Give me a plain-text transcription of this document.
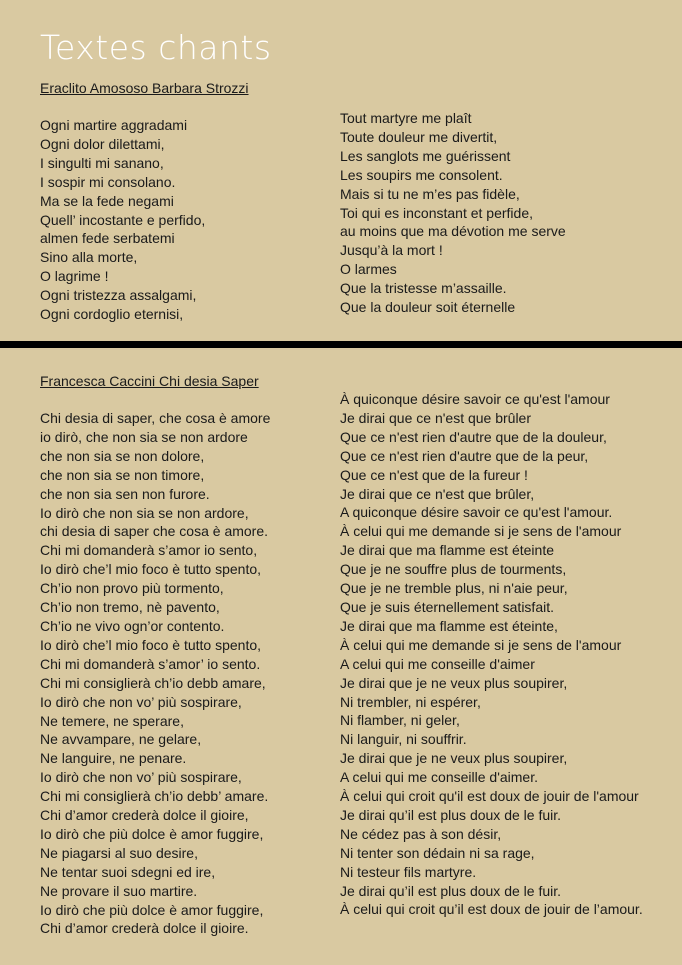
Textes chants

Eraclito Amososo Barbara Strozzi

Ogni martire aggradami
Ogni dolor dilettami,
I singulti mi sanano,
I sospir mi consolano.
Ma se la fede negami
Quell’ incostante e perfido,
almen fede serbatemi
Sino alla morte,
O lagrime !
Ogni tristezza assalgami,
Ogni cordoglio eternisi,
Tout martyre me plaît
Toute douleur me divertit,
Les sanglots me guérissent
Les soupirs me consolent.
Mais si tu ne m’es pas fidèle,
Toi qui es inconstant et perfide,
au moins que ma dévotion me serve
Jusqu’à la mort !
O larmes
Que la tristesse m’assaille.
Que la douleur soit éternelle

Francesca Caccini Chi desia Saper

Chi desia di saper, che cosa è amore
io dirò, che non sia se non ardore
che non sia se non dolore,
che non sia se non timore,
che non sia sen non furore.
Io dirò che non sia se non ardore,
chi desia di saper che cosa è amore.
Chi mi domanderà s’amor io sento,
Io dirò che’l mio foco è tutto spento,
Ch’io non provo più tormento,
Ch’io non tremo, nè pavento,
Ch’io ne vivo ogn’or contento.
Io dirò che’l mio foco è tutto spento,
Chi mi domanderà s’amor’ io sento.
Chi mi consiglierà ch’io debb amare,
Io dirò che non vo’ più sospirare,
Ne temere, ne sperare,
Ne avvampare, ne gelare,
Ne languire, ne penare.
Io dirò che non vo’ più sospirare,
Chi mi consiglierà ch’io debb’ amare.
Chi d’amor crederà dolce il gioire,
Io dirò che più dolce è amor fuggire,
Ne piagarsi al suo desire,
Ne tentar suoi sdegni ed ire,
Ne provare il suo martire.
Io dirò che più dolce è amor fuggire,
Chi d’amor crederà dolce il gioire.
À quiconque désire savoir ce qu'est l'amour
Je dirai que ce n'est que brûler
Que ce n'est rien d'autre que de la douleur,
Que ce n'est rien d'autre que de la peur,
Que ce n'est que de la fureur !
Je dirai que ce n'est que brûler,
A quiconque désire savoir ce qu'est l'amour.
À celui qui me demande si je sens de l'amour
Je dirai que ma flamme est éteinte
Que je ne souffre plus de tourments,
Que je ne tremble plus, ni n'aie peur,
Que je suis éternellement satisfait.
Je dirai que ma flamme est éteinte,
À celui qui me demande si je sens de l'amour
A celui qui me conseille d'aimer
Je dirai que je ne veux plus soupirer,
Ni trembler, ni espérer,
Ni flamber, ni geler,
Ni languir, ni souffrir.
Je dirai que je ne veux plus soupirer,
A celui qui me conseille d'aimer.
À celui qui croit qu'il est doux de jouir de l'amour
Je dirai qu’il est plus doux de le fuir.
Ne cédez pas à son désir,
Ni tenter son dédain ni sa rage,
Ni testeur fils martyre.
Je dirai qu’il est plus doux de le fuir.
À celui qui croit qu’il est doux de jouir de l’amour.
